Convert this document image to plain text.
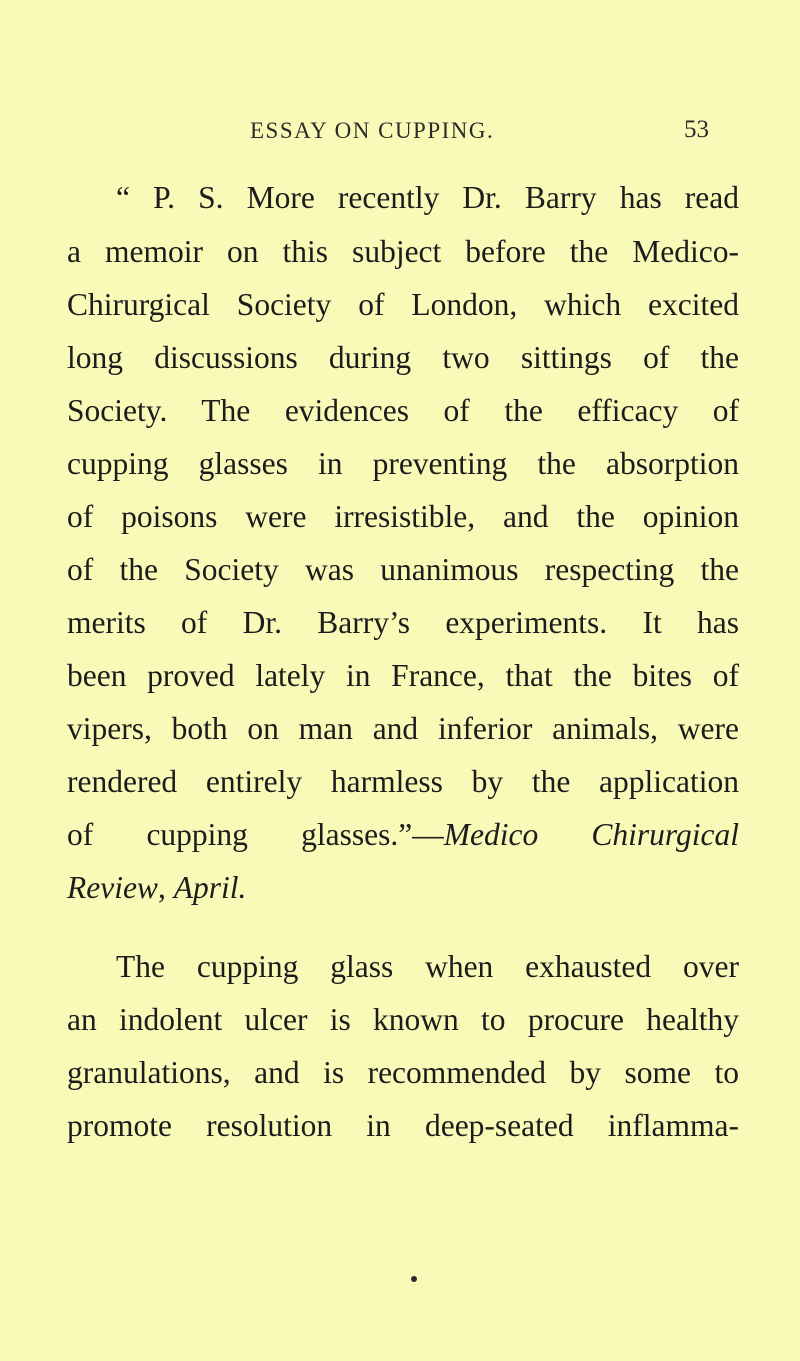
ESSAY ON CUPPING.	53
“ P. S. More recently Dr. Barry has read
a memoir on this subject before the Medico-
Chirurgical Society of London, which excited
long discussions during two sittings of the
Society. The evidences of the efficacy of
cupping glasses in preventing the absorption
of poisons were irresistible, and the opinion
of the Society was unanimous respecting the
merits of Dr. Barry’s experiments. It has
been proved lately in France, that the bites of
vipers, both on man and inferior animals, were
rendered entirely harmless by the application
of cupping glasses.”—Medico Chirurgical
Review, April.
The cupping glass when exhausted over
an indolent ulcer is known to procure healthy
granulations, and is recommended by some to
promote resolution in deep-seated inflamma-
